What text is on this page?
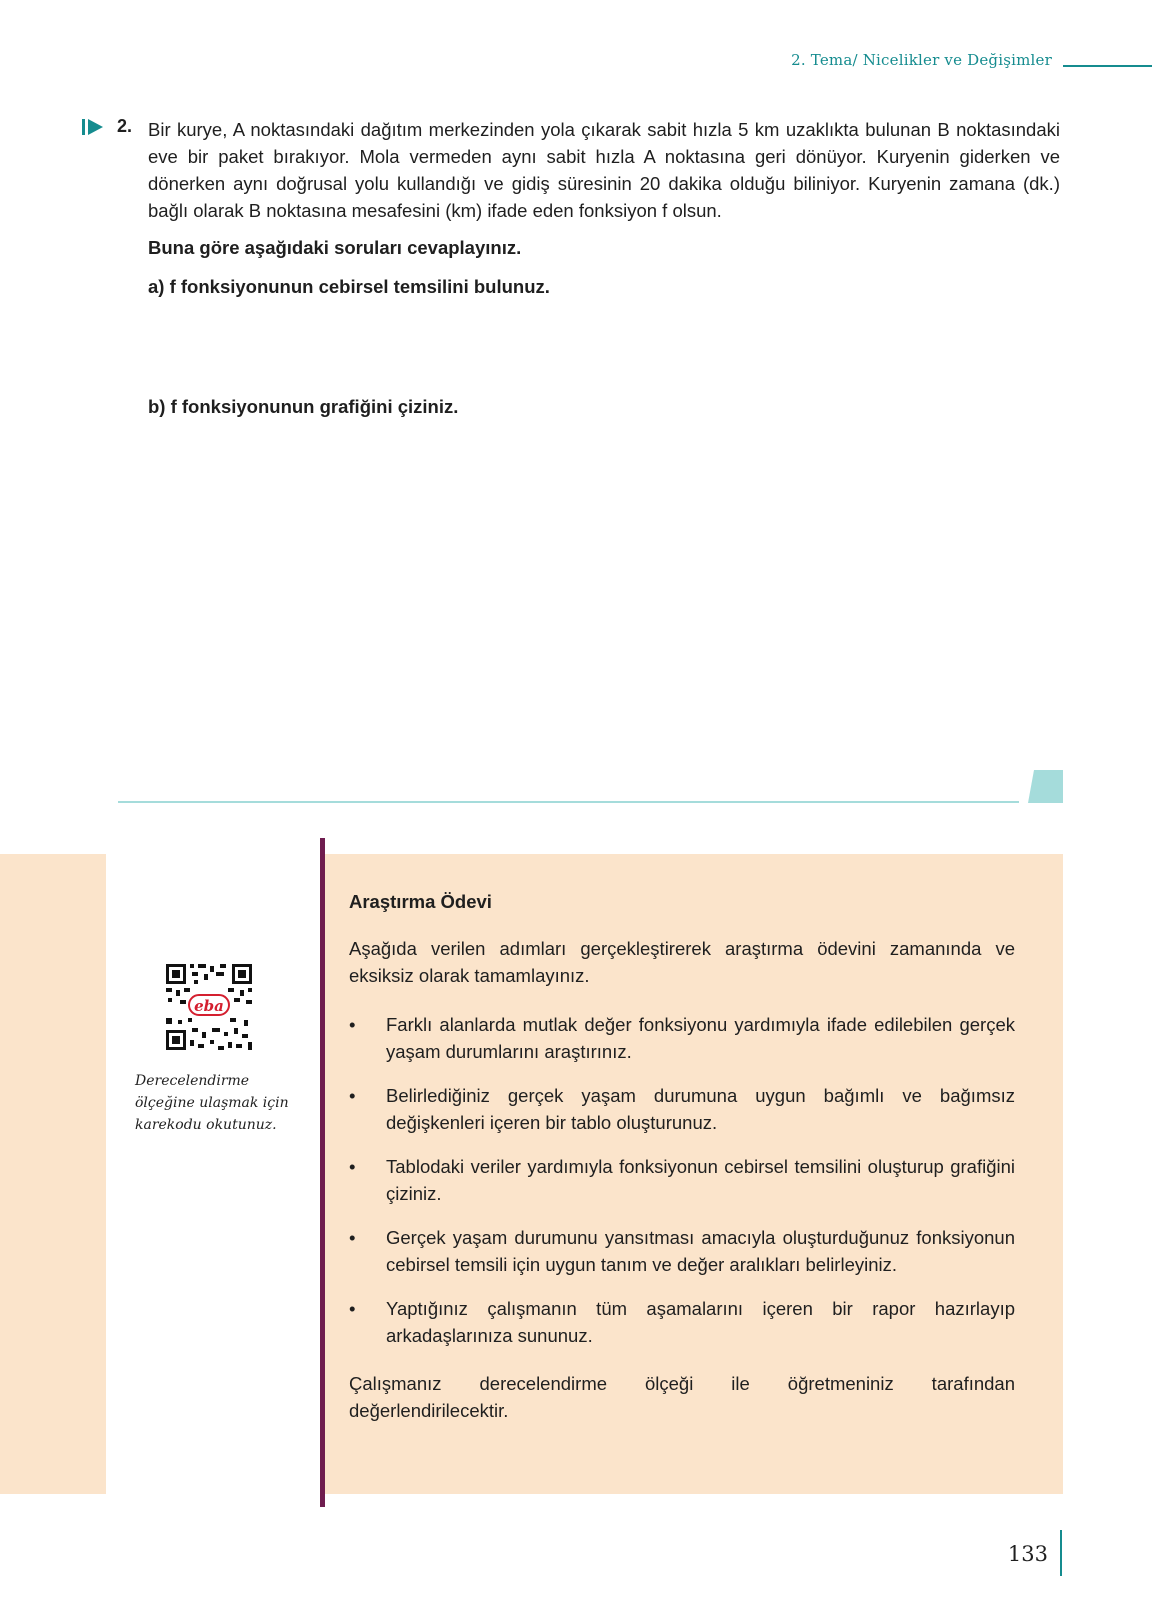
2. Tema/ Nicelikler ve Değişimler
2. Bir kurye, A noktasındaki dağıtım merkezinden yola çıkarak sabit hızla 5 km uzaklıkta bulunan B noktasındaki eve bir paket bırakıyor. Mola vermeden aynı sabit hızla A noktasına geri dönüyor. Kuryenin giderken ve dönerken aynı doğrusal yolu kullandığı ve gidiş süresinin 20 dakika olduğu biliniyor. Kuryenin zamana (dk.) bağlı olarak B noktasına mesafesini (km) ifade eden fonksiyon f olsun.
Buna göre aşağıdaki soruları cevaplayınız.
a) f fonksiyonunun cebirsel temsilini bulunuz.
b) f fonksiyonunun grafiğini çiziniz.
eba
Derecelendirme
ölçeğine ulaşmak için
karekodu okutunuz.

Araştırma Ödevi

Aşağıda verilen adımları gerçekleştirerek araştırma ödevini zamanında ve eksiksiz olarak tamamlayınız.

• Farklı alanlarda mutlak değer fonksiyonu yardımıyla ifade edilebilen gerçek yaşam durumlarını araştırınız.
• Belirlediğiniz gerçek yaşam durumuna uygun bağımlı ve bağımsız değişkenleri içeren bir tablo oluşturunuz.
• Tablodaki veriler yardımıyla fonksiyonun cebirsel temsilini oluşturup grafiğini çiziniz.
• Gerçek yaşam durumunu yansıtması amacıyla oluşturduğunuz fonksiyonun cebirsel temsili için uygun tanım ve değer aralıkları belirleyiniz.
• Yaptığınız çalışmanın tüm aşamalarını içeren bir rapor hazırlayıp arkadaşlarınıza sununuz.

Çalışmanız derecelendirme ölçeği ile öğretmeniniz tarafından değerlendirilecektir.

133
